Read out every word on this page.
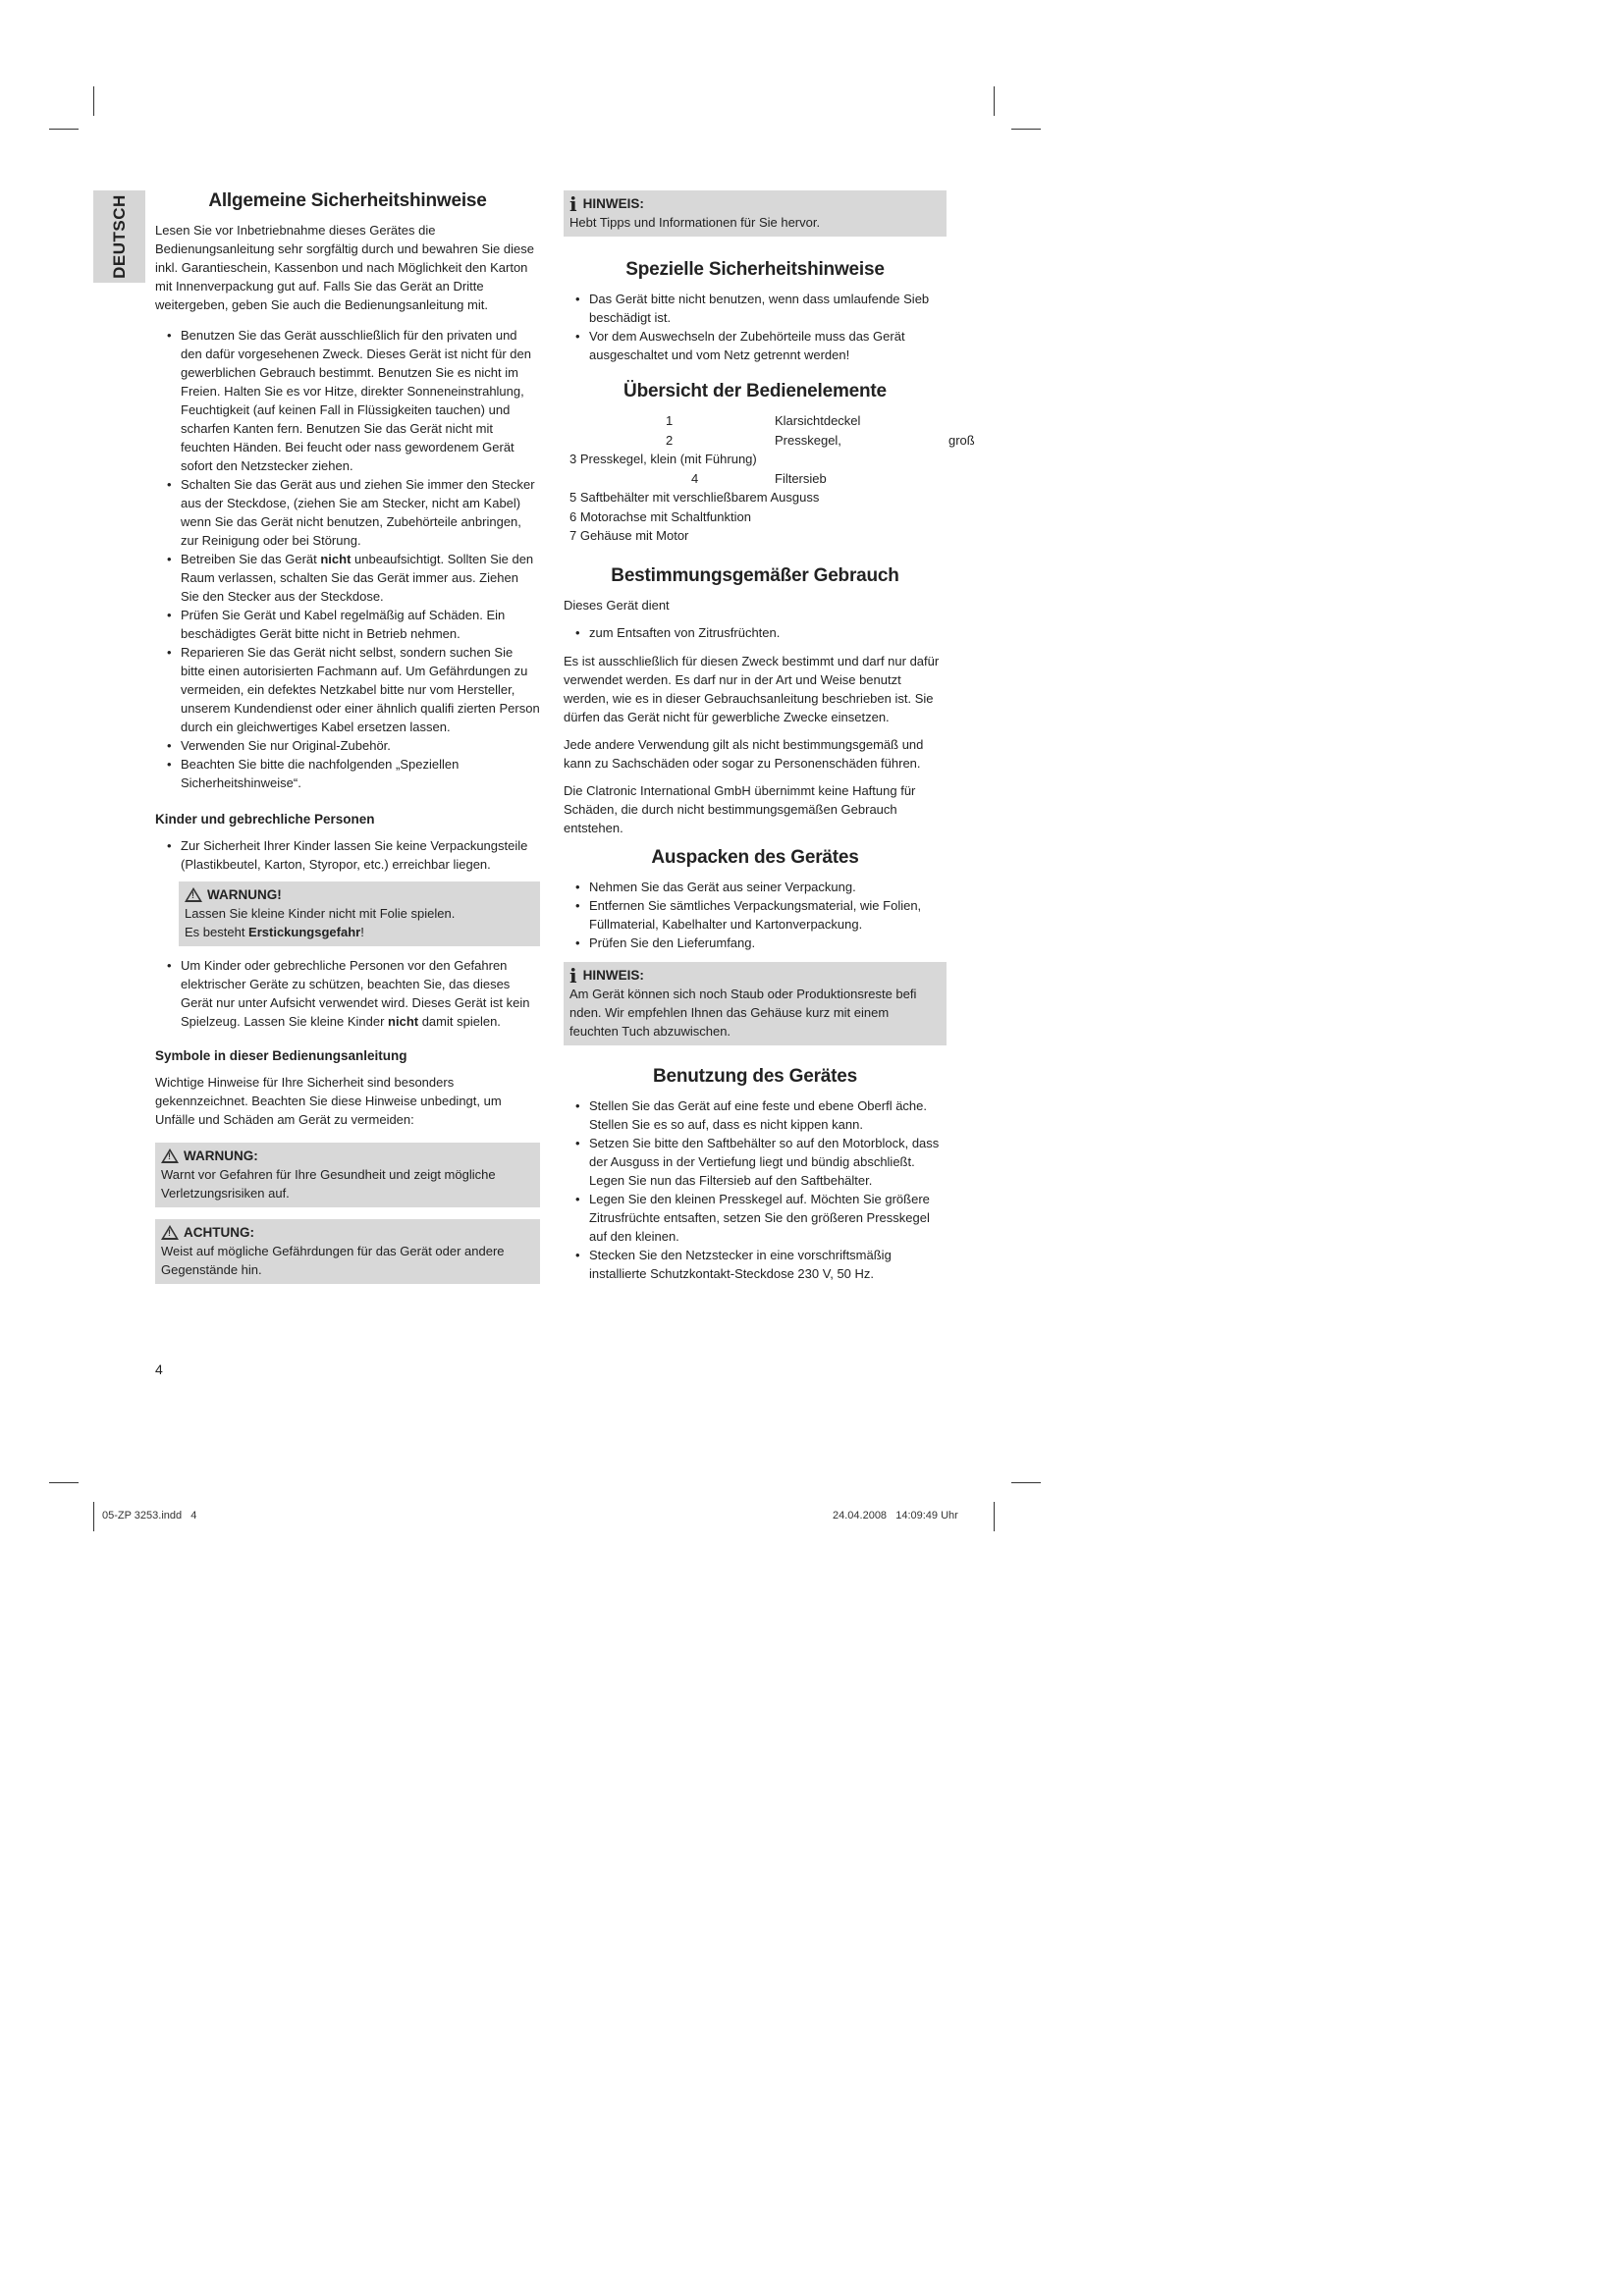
DEUTSCH	Allgemeine Sicherheitshinweise

Lesen Sie vor Inbetriebnahme dieses Gerätes die Bedienungsanleitung sehr sorgfältig durch und bewahren Sie diese inkl. Garantieschein, Kassenbon und nach Möglichkeit den Karton mit Innenverpackung gut auf. Falls Sie das Gerät an Dritte weitergeben, geben Sie auch die Bedienungsanleitung mit.

• Benutzen Sie das Gerät ausschließlich für den privaten und den dafür vorgesehenen Zweck. Dieses Gerät ist nicht für den gewerblichen Gebrauch bestimmt. Benutzen Sie es nicht im Freien. Halten Sie es vor Hitze, direkter Sonneneinstrahlung, Feuchtigkeit (auf keinen Fall in Flüssigkeiten tauchen) und scharfen Kanten fern. Benutzen Sie das Gerät nicht mit feuchten Händen. Bei feucht oder nass gewordenem Gerät sofort den Netzstecker ziehen.
• Schalten Sie das Gerät aus und ziehen Sie immer den Stecker aus der Steckdose, (ziehen Sie am Stecker, nicht am Kabel) wenn Sie das Gerät nicht benutzen, Zubehörteile anbringen, zur Reinigung oder bei Störung.
• Betreiben Sie das Gerät nicht unbeaufsichtigt. Sollten Sie den Raum verlassen, schalten Sie das Gerät immer aus. Ziehen Sie den Stecker aus der Steckdose.
• Prüfen Sie Gerät und Kabel regelmäßig auf Schäden. Ein beschädigtes Gerät bitte nicht in Betrieb nehmen.
• Reparieren Sie das Gerät nicht selbst, sondern suchen Sie bitte einen autorisierten Fachmann auf. Um Gefährdungen zu vermeiden, ein defektes Netzkabel bitte nur vom Hersteller, unserem Kundendienst oder einer ähnlich qualifi zierten Person durch ein gleichwertiges Kabel ersetzen lassen.
• Verwenden Sie nur Original-Zubehör.
• Beachten Sie bitte die nachfolgenden „Speziellen Sicherheitshinweise“.
Kinder und gebrechliche Personen
• Zur Sicherheit Ihrer Kinder lassen Sie keine Verpackungsteile (Plastikbeutel, Karton, Styropor, etc.) erreichbar liegen.
!
WARNUNG!
Lassen Sie kleine Kinder nicht mit Folie spielen.
Es besteht Erstickungsgefahr!
• Um Kinder oder gebrechliche Personen vor den Gefahren elektrischer Geräte zu schützen, beachten Sie, das dieses Gerät nur unter Aufsicht verwendet wird. Dieses Gerät ist kein Spielzeug. Lassen Sie kleine Kinder nicht damit spielen.
Symbole in dieser Bedienungsanleitung

Wichtige Hinweise für Ihre Sicherheit sind besonders gekennzeichnet. Beachten Sie diese Hinweise unbedingt, um Unfälle und Schäden am Gerät zu vermeiden:

!
WARNUNG:
Warnt vor Gefahren für Ihre Gesundheit und zeigt mögliche Verletzungsrisiken auf.
!
ACHTUNG:
Weist auf mögliche Gefährdungen für das Gerät oder andere Gegenstände hin.
i HINWEIS:
Hebt Tipps und Informationen für Sie hervor.
Spezielle Sicherheitshinweise
• Das Gerät bitte nicht benutzen, wenn dass umlaufende Sieb beschädigt ist.
• Vor dem Auswechseln der Zubehörteile muss das Gerät ausgeschaltet und vom Netz getrennt werden!
Übersicht der Bedienelemente
1	Klarsichtdeckel
2	Presskegel,	groß
3 Presskegel, klein (mit Führung)
4	Filtersieb
5 Saftbehälter mit verschließbarem Ausguss
6 Motorachse mit Schaltfunktion
7 Gehäuse mit Motor
Bestimmungsgemäßer Gebrauch

Dieses Gerät dient

• zum Entsaften von Zitrusfrüchten.

Es ist ausschließlich für diesen Zweck bestimmt und darf nur dafür verwendet werden. Es darf nur in der Art und Weise benutzt werden, wie es in dieser Gebrauchsanleitung beschrieben ist. Sie dürfen das Gerät nicht für gewerbliche Zwecke einsetzen.

Jede andere Verwendung gilt als nicht bestimmungsgemäß und kann zu Sachschäden oder sogar zu Personenschäden führen.

Die Clatronic International GmbH übernimmt keine Haftung für Schäden, die durch nicht bestimmungsgemäßen Gebrauch entstehen.

Auspacken des Gerätes
• Nehmen Sie das Gerät aus seiner Verpackung.
• Entfernen Sie sämtliches Verpackungsmaterial, wie Folien, Füllmaterial, Kabelhalter und Kartonverpackung.
• Prüfen Sie den Lieferumfang.
i HINWEIS:
Am Gerät können sich noch Staub oder Produktionsreste befi nden. Wir empfehlen Ihnen das Gehäuse kurz mit einem feuchten Tuch abzuwischen.
Benutzung des Gerätes
• Stellen Sie das Gerät auf eine feste und ebene Oberfl äche. Stellen Sie es so auf, dass es nicht kippen kann.
• Setzen Sie bitte den Saftbehälter so auf den Motorblock, dass der Ausguss in der Vertiefung liegt und bündig abschließt. Legen Sie nun das Filtersieb auf den Saftbehälter.
• Legen Sie den kleinen Presskegel auf. Möchten Sie größere Zitrusfrüchte entsaften, setzen Sie den größeren Presskegel auf den kleinen.
• Stecken Sie den Netzstecker in eine vorschriftsmäßig installierte Schutzkontakt-Steckdose 230 V, 50 Hz.
4
05-ZP 3253.indd   4	24.04.2008   14:09:49 Uhr
